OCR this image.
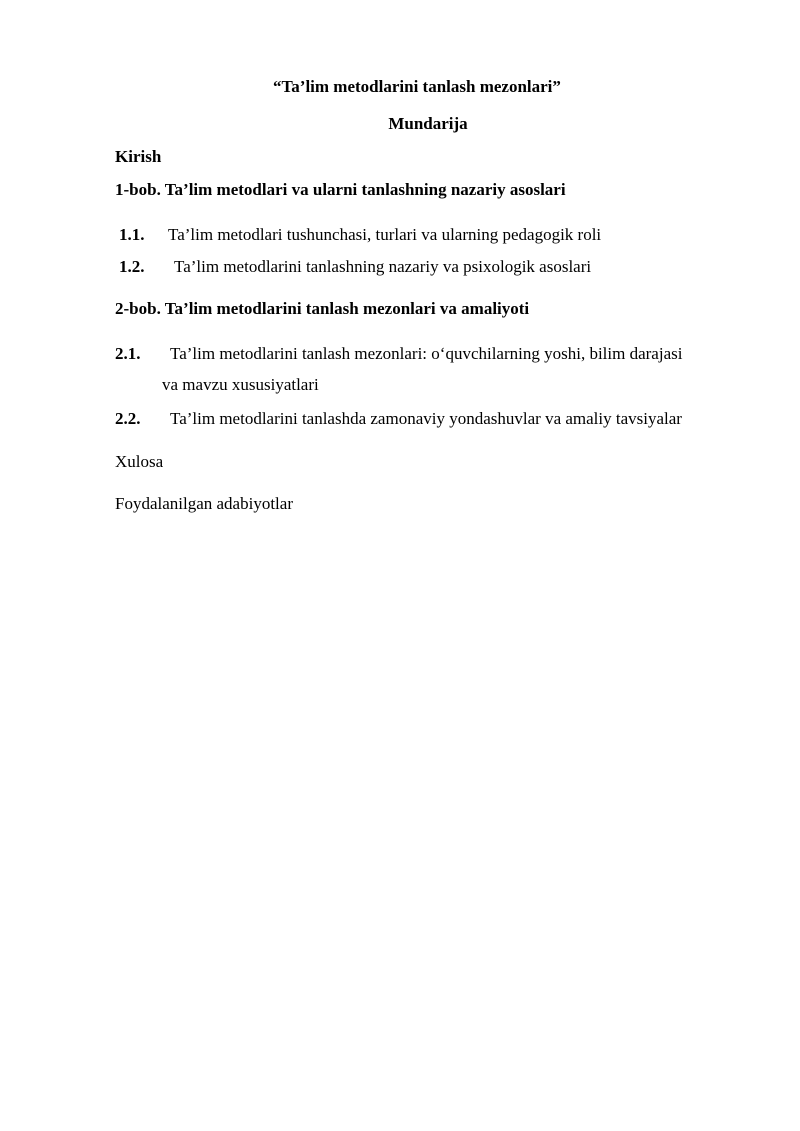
“Ta’lim metodlarini tanlash mezonlari”
Mundarija
Kirish
1-bob. Ta’lim metodlari va ularni tanlashning nazariy asoslari
1.1. Ta’lim metodlari tushunchasi, turlari va ularning pedagogik roli
1.2. Ta’lim metodlarini tanlashning nazariy va psixologik asoslari
2-bob. Ta’lim metodlarini tanlash mezonlari va amaliyoti
2.1. Ta’lim metodlarini tanlash mezonlari: o‘quvchilarning yoshi, bilim darajasi
va mavzu xususiyatlari
2.2. Ta’lim metodlarini tanlashda zamonaviy yondashuvlar va amaliy tavsiyalar
Xulosa
Foydalanilgan adabiyotlar
